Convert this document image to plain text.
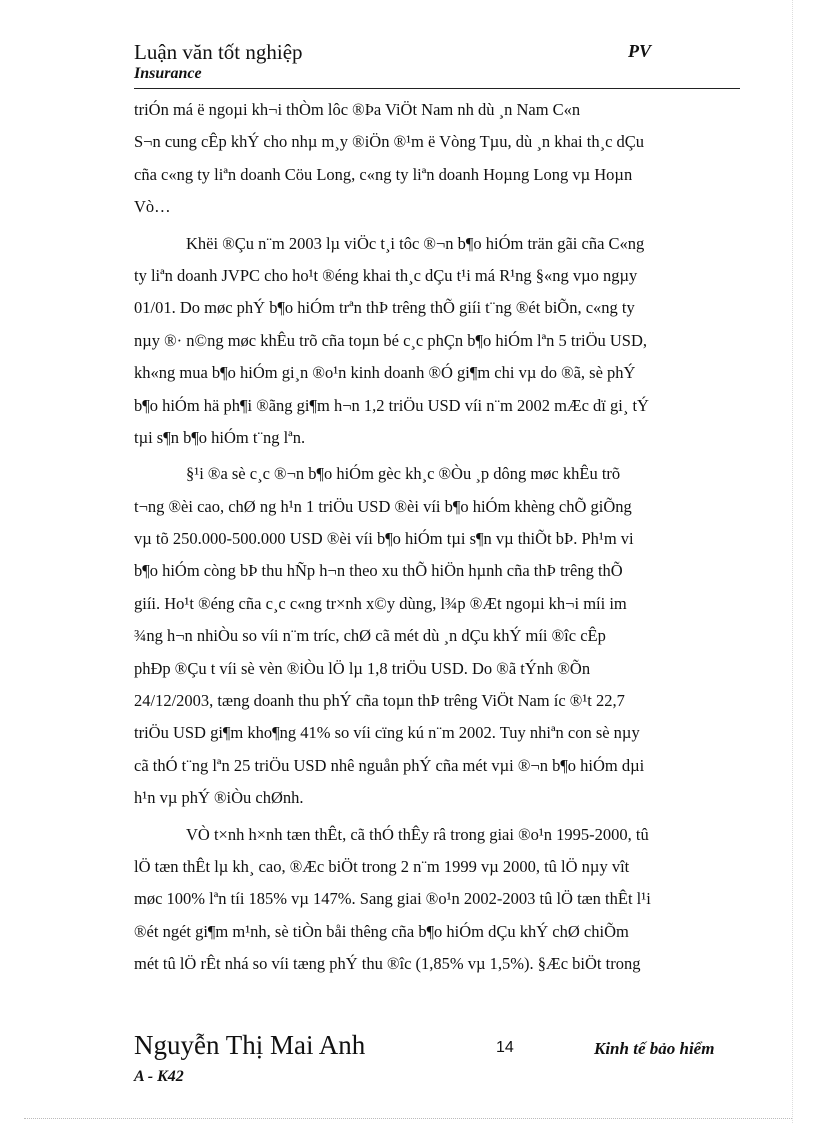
Luận văn tốt nghiệp
Insurance
PV

triÓn má ë ngoµi kh¬i thÒm lôc ®Þa ViÖt Nam nh dù ¸n Nam C«n
S¬n cung cÊp khÝ cho nhµ m¸y ®iÖn ®¹m ë Vòng Tµu, dù ¸n khai th¸c dÇu
cña c«ng ty liªn doanh Cöu Long, c«ng ty liªn doanh Hoµng Long vµ Hoµn
Vò…

Khëi ®Çu n¨m 2003 lµ viÖc t¸i tôc ®¬n b¶o hiÓm trän gãi cña C«ng
ty liªn doanh JVPC cho ho¹t ®éng khai th¸c dÇu t¹i má R¹ng §«ng vµo ngµy
01/01. Do møc phÝ b¶o hiÓm trªn thÞ trêng thÕ giíi t¨ng ®ét biÕn, c«ng ty
nµy ®· n©ng møc khÊu trõ cña toµn bé c¸c phÇn b¶o hiÓm lªn 5 triÖu USD,
kh«ng mua b¶o hiÓm gi¸n ®o¹n kinh doanh ®Ó gi¶m chi vµ do ®ã, sè phÝ
b¶o hiÓm hä ph¶i ®ãng gi¶m h¬n 1,2 triÖu USD víi n¨m 2002 mÆc dï gi¸ tÝ
tµi s¶n b¶o hiÓm t¨ng lªn.

§¹i ®a sè c¸c ®¬n b¶o hiÓm gèc kh¸c ®Òu ¸p dông møc khÊu trõ
t¬ng ®èi cao, chØ ng h¹n 1 triÖu USD ®èi víi b¶o hiÓm khèng chÕ giÕng
vµ tõ 250.000-500.000 USD ®èi víi b¶o hiÓm tµi s¶n vµ thiÕt bÞ. Ph¹m vi
b¶o hiÓm còng bÞ thu hÑp h¬n theo xu thÕ hiÖn hµnh cña thÞ trêng thÕ
giíi. Ho¹t ®éng cña c¸c c«ng tr×nh x©y dùng, l¾p ®Æt ngoµi kh¬i míi im
¾ng h¬n nhiÒu so víi n¨m tríc, chØ cã mét dù ¸n dÇu khÝ míi ®îc cÊp
phÐp ®Çu t víi sè vèn ®iÒu lÖ lµ 1,8 triÖu USD. Do ®ã tÝnh ®Õn
24/12/2003, tæng doanh thu phÝ cña toµn thÞ trêng ViÖt Nam íc ®¹t 22,7
triÖu USD gi¶m kho¶ng 41% so víi cïng kú n¨m 2002. Tuy nhiªn con sè nµy
cã thÓ t¨ng lªn 25 triÖu USD nhê nguån phÝ cña mét vµi ®¬n b¶o hiÓm dµi
h¹n vµ phÝ ®iÒu chØnh.

VÒ t×nh h×nh tæn thÊt, cã thÓ thÊy râ trong giai ®o¹n 1995-2000, tû
lÖ tæn thÊt lµ kh¸ cao, ®Æc biÖt trong 2 n¨m 1999 vµ 2000, tû lÖ nµy vît
møc 100% lªn tíi 185% vµ 147%. Sang giai ®o¹n 2002-2003 tû lÖ tæn thÊt l¹i
®ét ngét gi¶m m¹nh, sè tiÒn båi thêng cña b¶o hiÓm dÇu khÝ chØ chiÕm
mét tû lÖ rÊt nhá so víi tæng phÝ thu ®îc (1,85% vµ 1,5%). §Æc biÖt trong

Nguyễn Thị Mai Anh
A - K42
14	Kinh tế bảo hiểm
